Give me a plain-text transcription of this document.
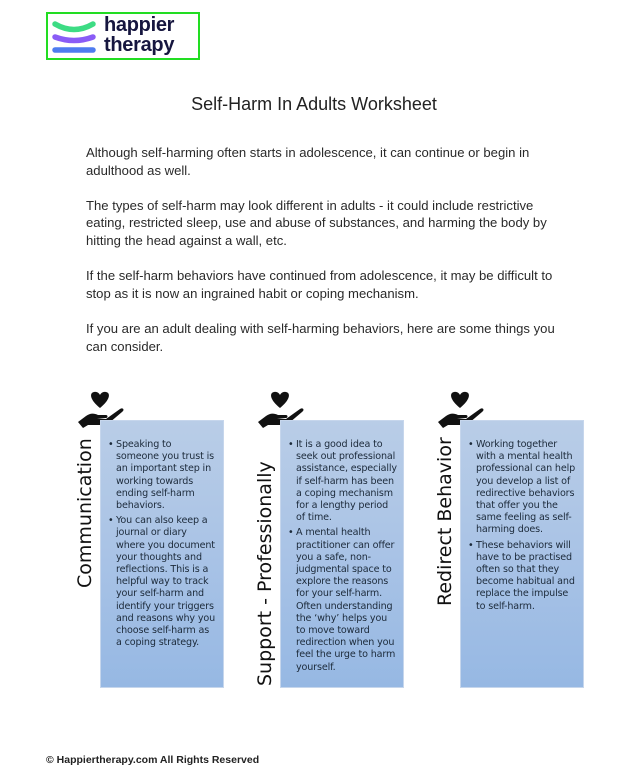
happier
therapy
Self-Harm In Adults Worksheet

Although self-harming often starts in adolescence, it can continue or begin in adulthood as well.

The types of self-harm may look different in adults - it could include restrictive eating, restricted sleep, use and abuse of substances, and harming the body by hitting the head against a wall, etc.

If the self-harm behaviors have continued from adolescence, it may be difficult to stop as it is now an ingrained habit or coping mechanism.

If you are an adult dealing with self-harming behaviors, here are some things you can consider.

• Speaking to someone you trust is an important step in working towards ending self-harm behaviors.
• You can also keep a journal or diary where you document your thoughts and reflections. This is a helpful way to track your self-harm and identify your triggers and reasons why you choose self-harm as a coping strategy.
Communication	• It is a good idea to seek out professional assistance, especially if self-harm has been a coping mechanism for a lengthy period of time.
• A mental health practitioner can offer you a safe, non-judgmental space to explore the reasons for your self-harm. Often understanding the ‘why’ helps you to move toward redirection when you feel the urge to harm yourself.
Support - Professionally
• Working together with a mental health professional can help you develop a list of redirective behaviors that offer you the same feeling as self-harming does.
• These behaviors will have to be practised often so that they become habitual and replace the impulse to self-harm.
Redirect Behavior
© Happiertherapy.com All Rights Reserved
